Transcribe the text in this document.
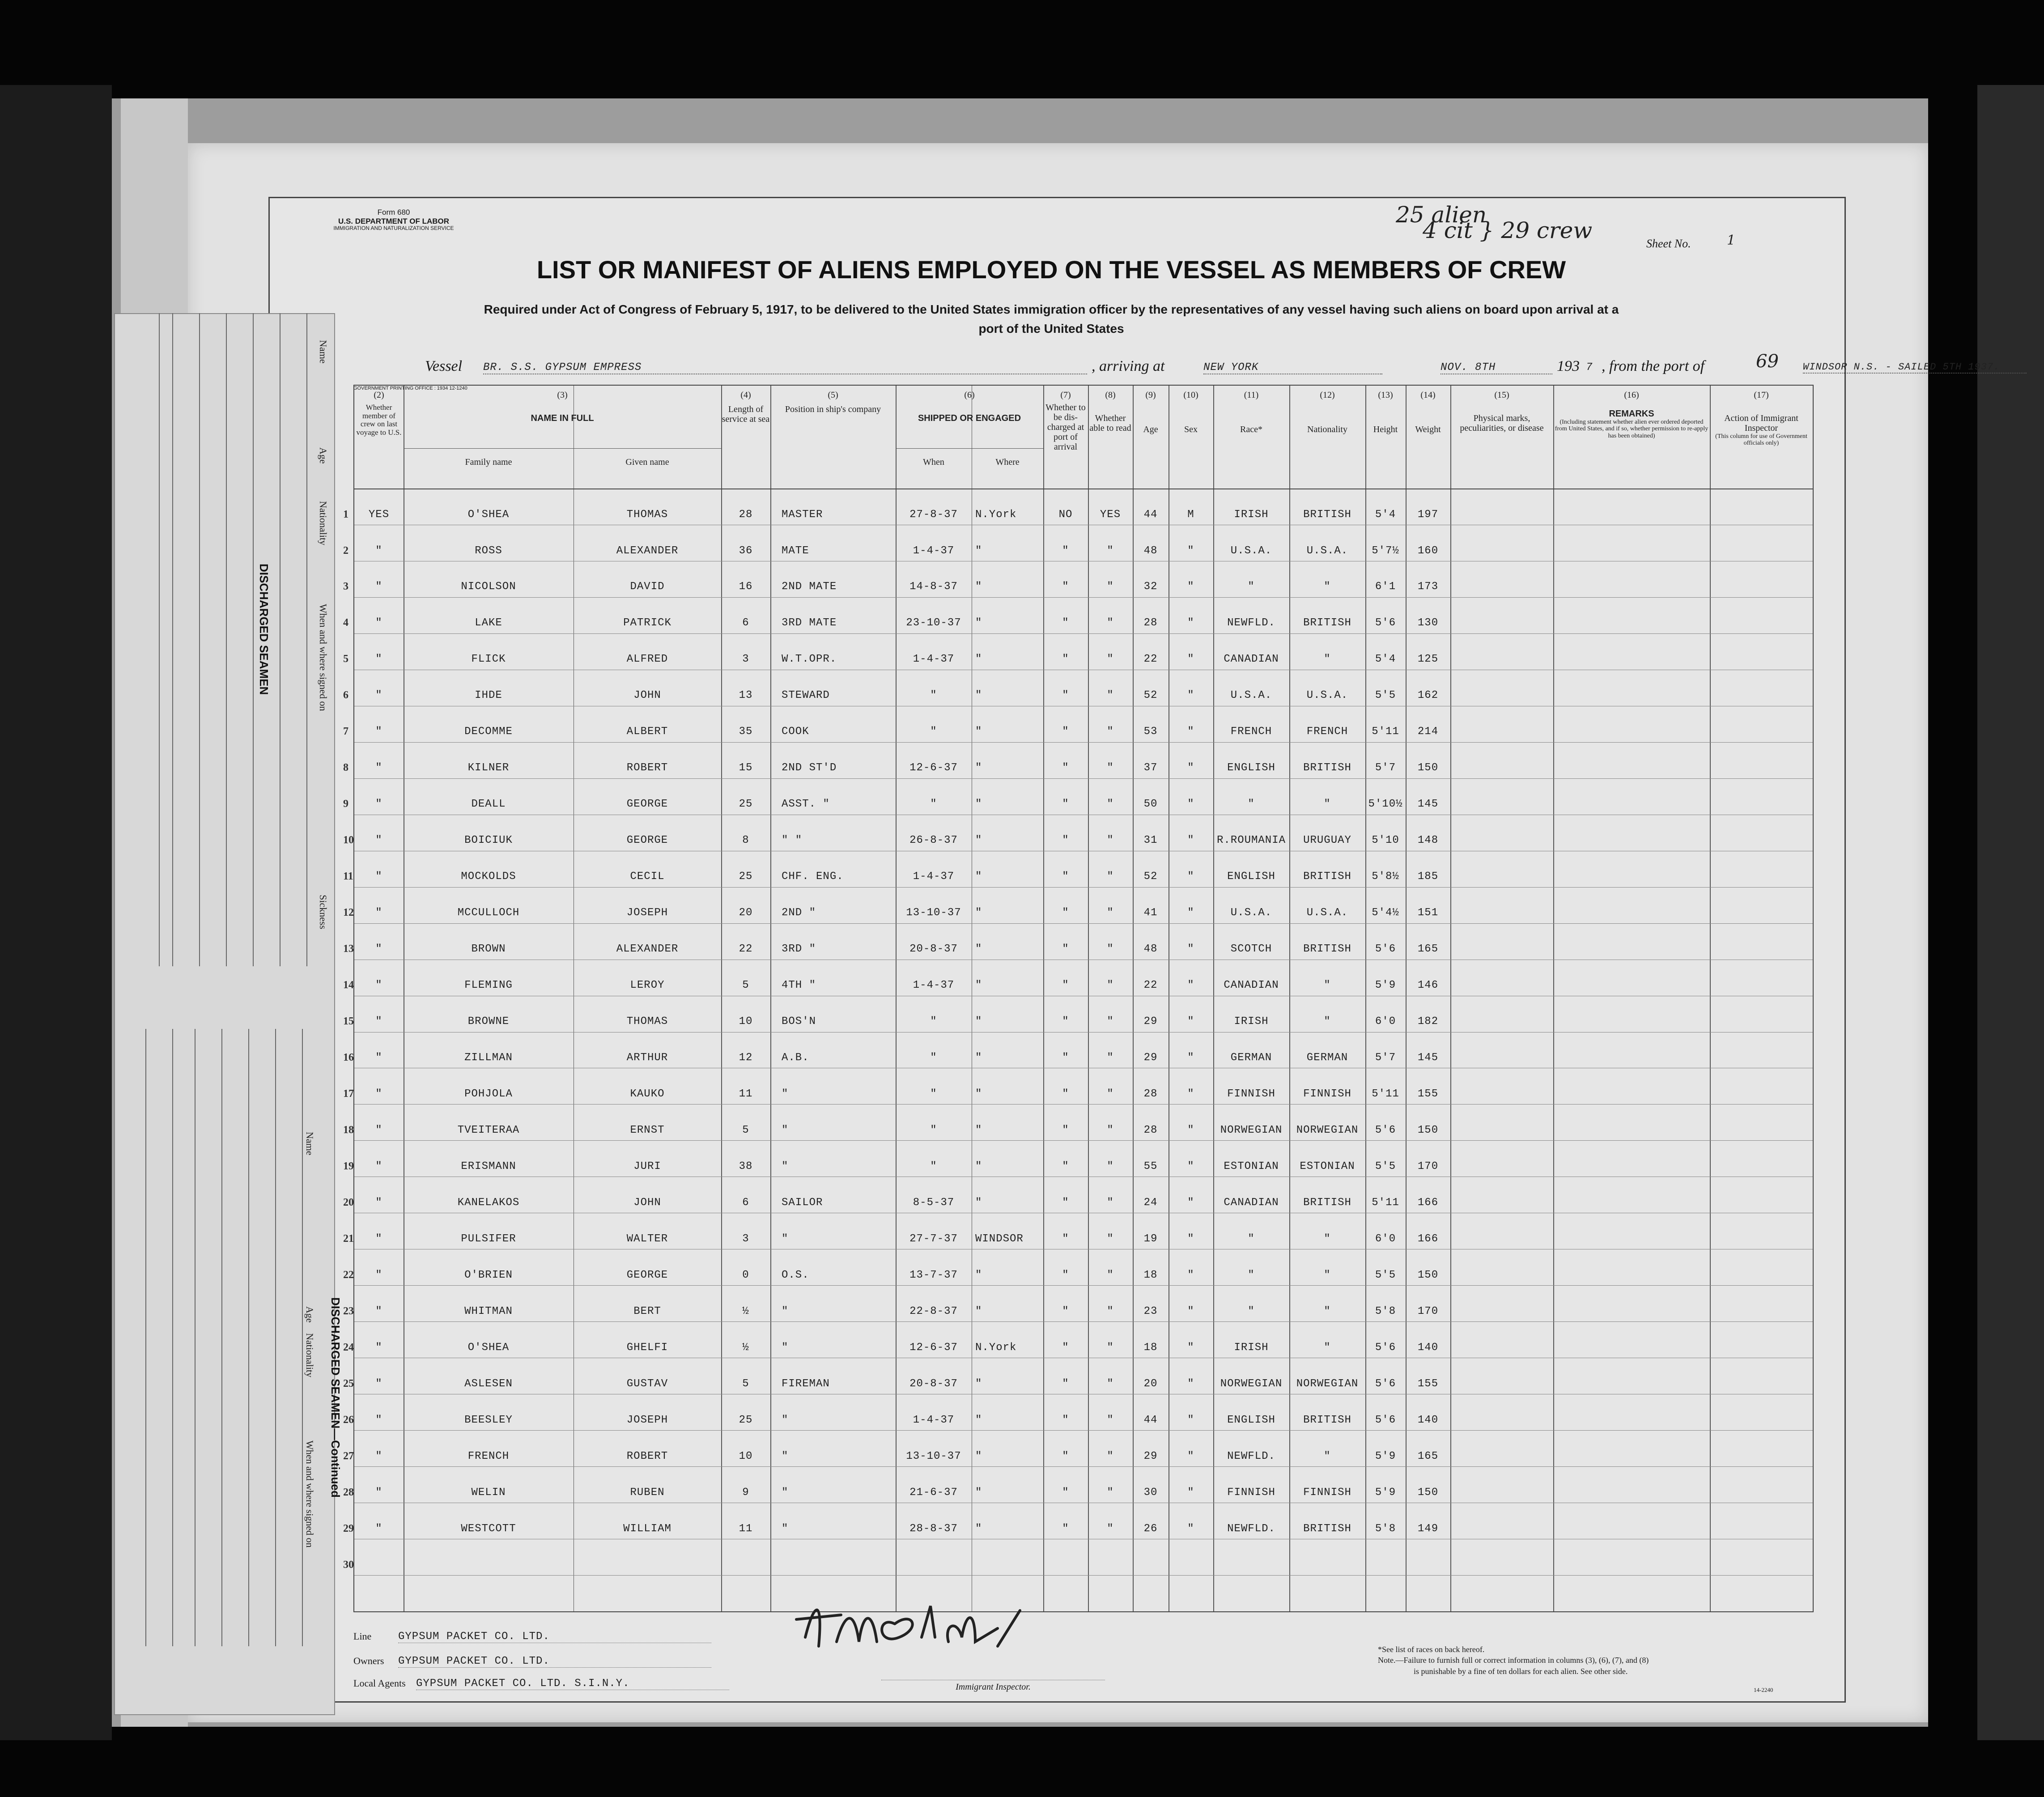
Form 680
U.S. DEPARTMENT OF LABOR
IMMIGRATION AND NATURALIZATION SERVICE
25 alien
4 cit } 29 crew
Sheet No.	1
LIST OR MANIFEST OF ALIENS EMPLOYED ON THE VESSEL AS MEMBERS OF CREW
Required under Act of Congress of February 5, 1917, to be delivered to the United States immigration officer by the representatives of any vessel having such aliens on board upon arrival at a
port of the United States
Vessel BR. S.S. GYPSUM EMPRESS	, arriving at	NEW YORK	NOV. 8TH	193 7 , from the port of	WINDSOR N.S. - SAILED 5TH 1937.
69
GOVERNMENT PRINTING OFFICE : 1934 12-1240
(2)
Whether member of crew on last voyage to U.S.
(3)
NAME IN FULL
Family name	Given name
(4)
Length of service at sea
(5)
Position in ship's company
(6)
SHIPPED OR ENGAGED
When	Where
(7)
Whether to be dis-charged at port of arrival
(8)
Whether able to read
(9)
Age
(10)
Sex
(11)
Race*
(12)
Nationality
(13)
Height
(14)
Weight
(15)
Physical marks, peculiarities, or disease
(16)
REMARKS
(Including statement whether alien ever ordered deported from United States, and if so, whether permission to re-apply has been obtained)
(17)
Action of Immigrant Inspector
(This column for use of Government officials only)
1	YES	O'SHEA	THOMAS	28	MASTER	27-8-37	N.York	NO	YES	44	M	IRISH	BRITISH	5'4	197
2	"	ROSS	ALEXANDER	36	MATE	1-4-37	"	"	"	48	"	U.S.A.	U.S.A.	5'7½	160
3	"	NICOLSON	DAVID	16	2ND MATE	14-8-37	"	"	"	32	"	"	"	6'1	173
4	"	LAKE	PATRICK	6	3RD MATE	23-10-37	"	"	"	28	"	NEWFLD.	BRITISH	5'6	130
5	"	FLICK	ALFRED	3	W.T.OPR.	1-4-37	"	"	"	22	"	CANADIAN	"	5'4	125
6	"	IHDE	JOHN	13	STEWARD	"	"	"	"	52	"	U.S.A.	U.S.A.	5'5	162
7	"	DECOMME	ALBERT	35	COOK	"	"	"	"	53	"	FRENCH	FRENCH	5'11	214
8	"	KILNER	ROBERT	15	2ND ST'D	12-6-37	"	"	"	37	"	ENGLISH	BRITISH	5'7	150
9	"	DEALL	GEORGE	25	ASST. "	"	"	"	"	50	"	"	"	5'10½	145
10	"	BOICIUK	GEORGE	8	" "	26-8-37	"	"	"	31	"	R.ROUMANIA	URUGUAY	5'10	148
11	"	MOCKOLDS	CECIL	25	CHF. ENG.	1-4-37	"	"	"	52	"	ENGLISH	BRITISH	5'8½	185
12	"	MCCULLOCH	JOSEPH	20	2ND "	13-10-37	"	"	"	41	"	U.S.A.	U.S.A.	5'4½	151
13	"	BROWN	ALEXANDER	22	3RD "	20-8-37	"	"	"	48	"	SCOTCH	BRITISH	5'6	165
14	"	FLEMING	LEROY	5	4TH "	1-4-37	"	"	"	22	"	CANADIAN	"	5'9	146
15	"	BROWNE	THOMAS	10	BOS'N	"	"	"	"	29	"	IRISH	"	6'0	182
16	"	ZILLMAN	ARTHUR	12	A.B.	"	"	"	"	29	"	GERMAN	GERMAN	5'7	145
17	"	POHJOLA	KAUKO	11	"	"	"	"	"	28	"	FINNISH	FINNISH	5'11	155
18	"	TVEITERAA	ERNST	5	"	"	"	"	"	28	"	NORWEGIAN	NORWEGIAN	5'6	150
19	"	ERISMANN	JURI	38	"	"	"	"	"	55	"	ESTONIAN	ESTONIAN	5'5	170
20	"	KANELAKOS	JOHN	6	SAILOR	8-5-37	"	"	"	24	"	CANADIAN	BRITISH	5'11	166
21	"	PULSIFER	WALTER	3	"	27-7-37	WINDSOR	"	"	19	"	"	"	6'0	166
22	"	O'BRIEN	GEORGE	0	O.S.	13-7-37	"	"	"	18	"	"	"	5'5	150
23	"	WHITMAN	BERT	½	"	22-8-37	"	"	"	23	"	"	"	5'8	170
24	"	O'SHEA	GHELFI	½	"	12-6-37	N.York	"	"	18	"	IRISH	"	5'6	140
25	"	ASLESEN	GUSTAV	5	FIREMAN	20-8-37	"	"	"	20	"	NORWEGIAN	NORWEGIAN	5'6	155
26	"	BEESLEY	JOSEPH	25	"	1-4-37	"	"	"	44	"	ENGLISH	BRITISH	5'6	140
27	"	FRENCH	ROBERT	10	"	13-10-37	"	"	"	29	"	NEWFLD.	"	5'9	165
28	"	WELIN	RUBEN	9	"	21-6-37	"	"	"	30	"	FINNISH	FINNISH	5'9	150
29	"	WESTCOTT	WILLIAM	11	"	28-8-37	"	"	"	26	"	NEWFLD.	BRITISH	5'8	149
30
Line GYPSUM PACKET CO. LTD.
Owners GYPSUM PACKET CO. LTD.
Local Agents GYPSUM PACKET CO. LTD. S.I.N.Y.	Immigrant Inspector.
*See list of races on back hereof.
Note.—Failure to furnish full or correct information in columns (3), (6), (7), and (8)
is punishable by a fine of ten dollars for each alien. See other side.
14-2240
DISCHARGED SEAMEN
Name
Age
Nationality
When and where signed on
Sickness
DISCHARGED SEAMEN—Continued
Name
Age
Nationality
When and where signed on
